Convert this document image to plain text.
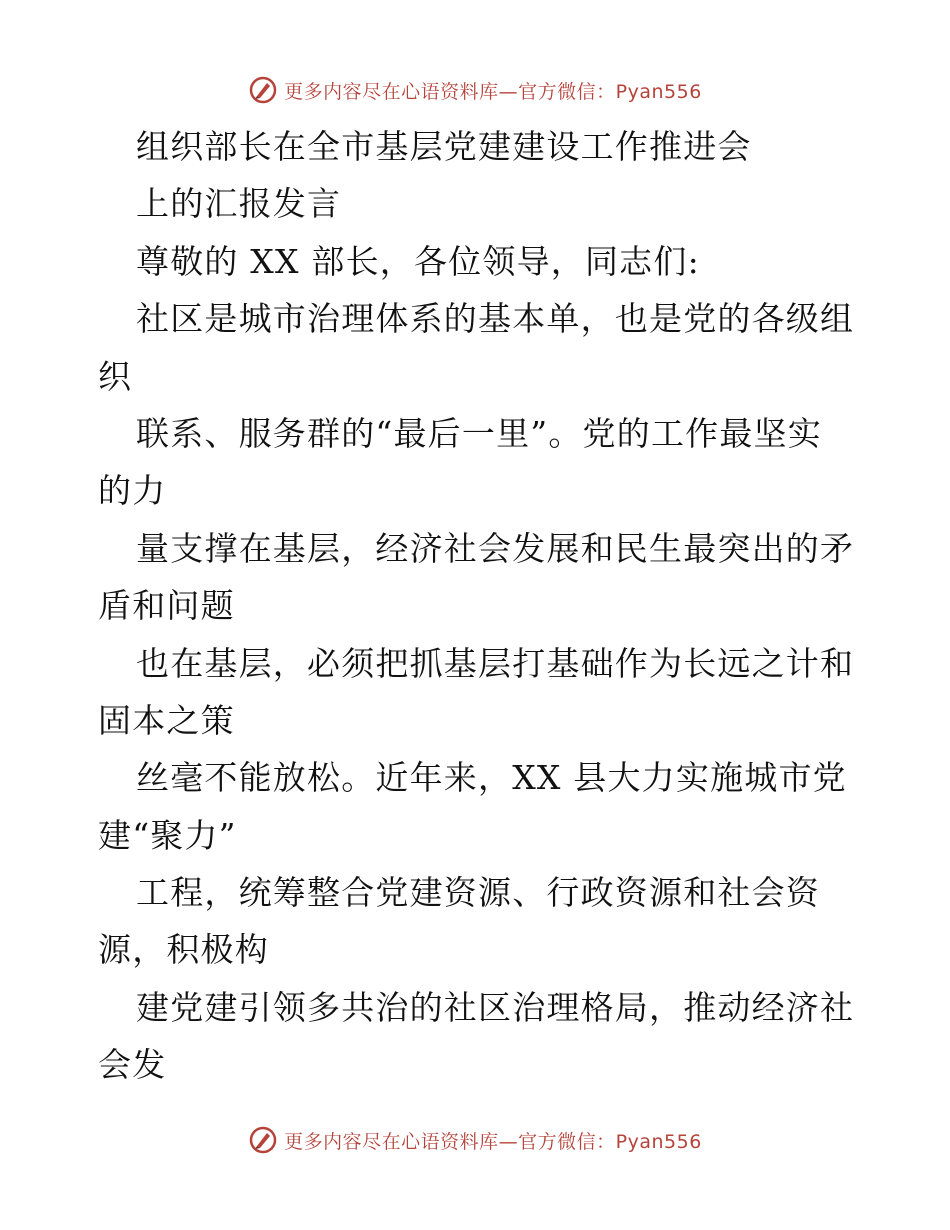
更多内容尽在心语资料库—官方微信：Pyan556
组织部长在全市基层党建建设工作推进会
上的汇报发言
尊敬的 XX 部长，各位领导，同志们:
社区是城市治理体系的基本单，也是党的各级组
织
联系、服务群的“最后一里”。党的工作最坚实
的力
量支撑在基层，经济社会发展和民生最突出的矛
盾和问题
也在基层，必须把抓基层打基础作为长远之计和
固本之策
丝毫不能放松。近年来，XX 县大力实施城市党
建“聚力”
工程，统筹整合党建资源、行政资源和社会资
源，积极构
建党建引领多共治的社区治理格局，推动经济社
会发
更多内容尽在心语资料库—官方微信：Pyan556
